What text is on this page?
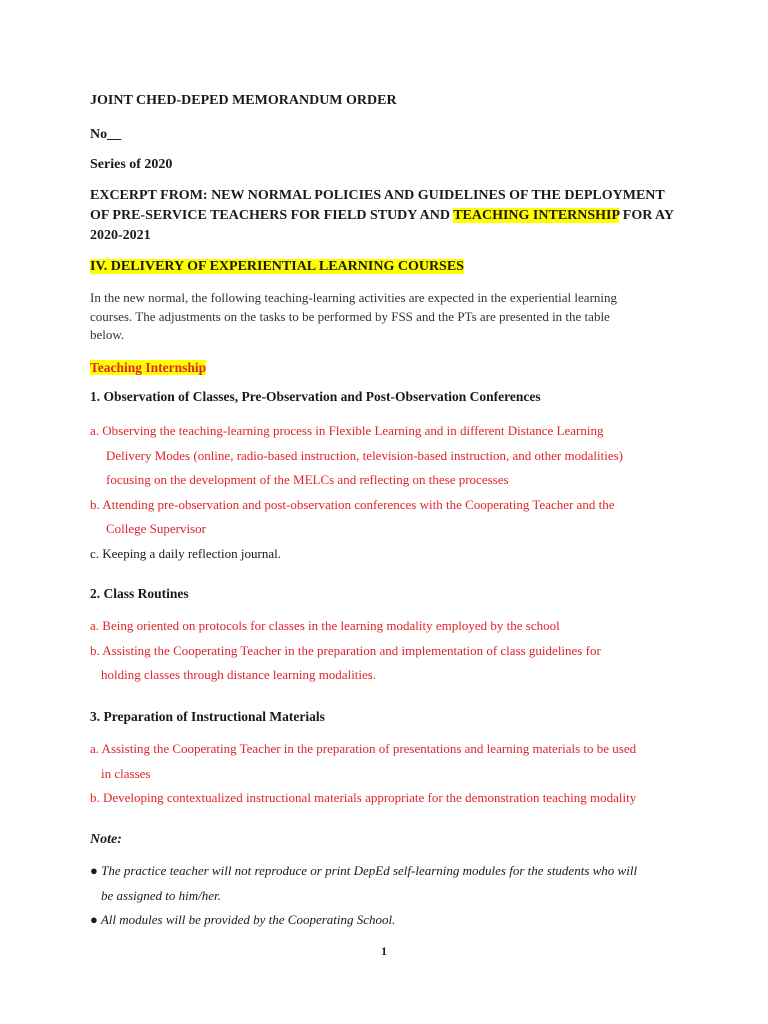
JOINT CHED-DEPED MEMORANDUM ORDER
No__
Series of 2020
EXCERPT FROM: NEW NORMAL POLICIES AND GUIDELINES OF THE DEPLOYMENT
OF PRE-SERVICE TEACHERS FOR FIELD STUDY AND TEACHING INTERNSHIP FOR AY
2020-2021
IV. DELIVERY OF EXPERIENTIAL LEARNING COURSES
In the new normal, the following teaching-learning activities are expected in the experiential learning
courses. The adjustments on the tasks to be performed by FSS and the PTs are presented in the table
below.
Teaching Internship
1. Observation of Classes, Pre-Observation and Post-Observation Conferences
a. Observing the teaching-learning process in Flexible Learning and in different Distance Learning
Delivery Modes (online, radio-based instruction, television-based instruction, and other modalities)
focusing on the development of the MELCs and reflecting on these processes
b. Attending pre-observation and post-observation conferences with the Cooperating Teacher and the
College Supervisor
c. Keeping a daily reflection journal.
2. Class Routines
a. Being oriented on protocols for classes in the learning modality employed by the school
b. Assisting the Cooperating Teacher in the preparation and implementation of class guidelines for
holding classes through distance learning modalities.
3. Preparation of Instructional Materials
a. Assisting the Cooperating Teacher in the preparation of presentations and learning materials to be used
in classes
b. Developing contextualized instructional materials appropriate for the demonstration teaching modality
Note:
● The practice teacher will not reproduce or print DepEd self-learning modules for the students who will
be assigned to him/her.
● All modules will be provided by the Cooperating School.
1
